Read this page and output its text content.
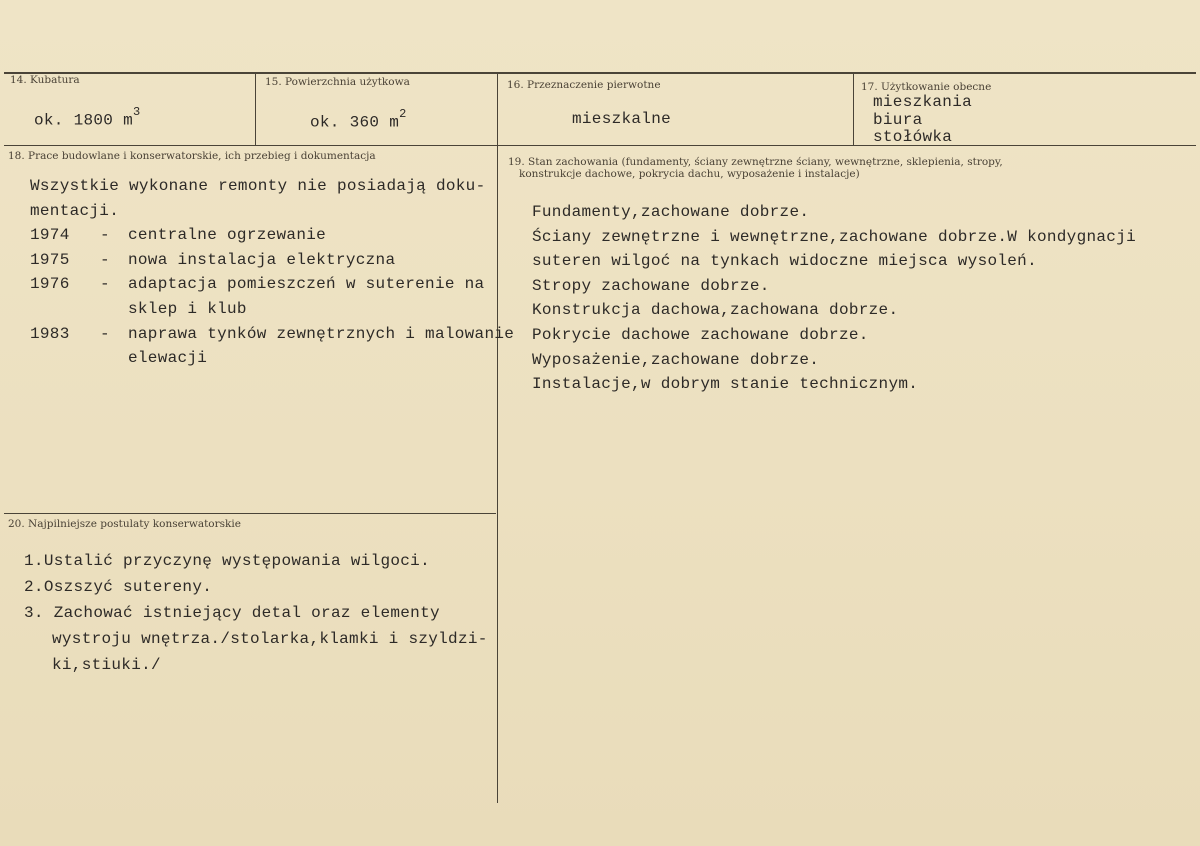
14. Kubatura
ok. 1800 $m^3$
15. Powierzchnia użytkowa
ok. 360 $m^2$
16. Przeznaczenie pierwotne
mieszkalne
17. Użytkowanie obecne
mieszkania
biura
stołówka
18. Prace budowlane i konserwatorskie, ich przebieg i dokumentacja
Wszystkie wykonane remonty nie posiadają doku-
mentacji.
1974 - centralne ogrzewanie
1975 - nowa instalacja elektryczna
1976 - adaptacja pomieszczeń w suterenie na
sklep i klub
1983 - naprawa tynków zewnętrznych i malowanie
elewacji
19. Stan zachowania (fundamenty, ściany zewnętrzne ściany, wewnętrzne, sklepienia, stropy,
konstrukcje dachowe, pokrycia dachu, wyposażenie i instalacje)
Fundamenty,zachowane dobrze.
Ściany zewnętrzne i wewnętrzne,zachowane dobrze.W kondygnacji
suteren wilgoć na tynkach widoczne miejsca wysoleń.
Stropy zachowane dobrze.
Konstrukcja dachowa,zachowana dobrze.
Pokrycie dachowe zachowane dobrze.
Wyposażenie,zachowane dobrze.
Instalacje,w dobrym stanie technicznym.
20. Najpilniejsze postulaty konserwatorskie
1.Ustalić przyczynę występowania wilgoci.
2.Oszszyć sutereny.
3. Zachować istniejący detal oraz elementy
wystroju wnętrza./stolarka,klamki i szyldzi-
ki,stiuki./
